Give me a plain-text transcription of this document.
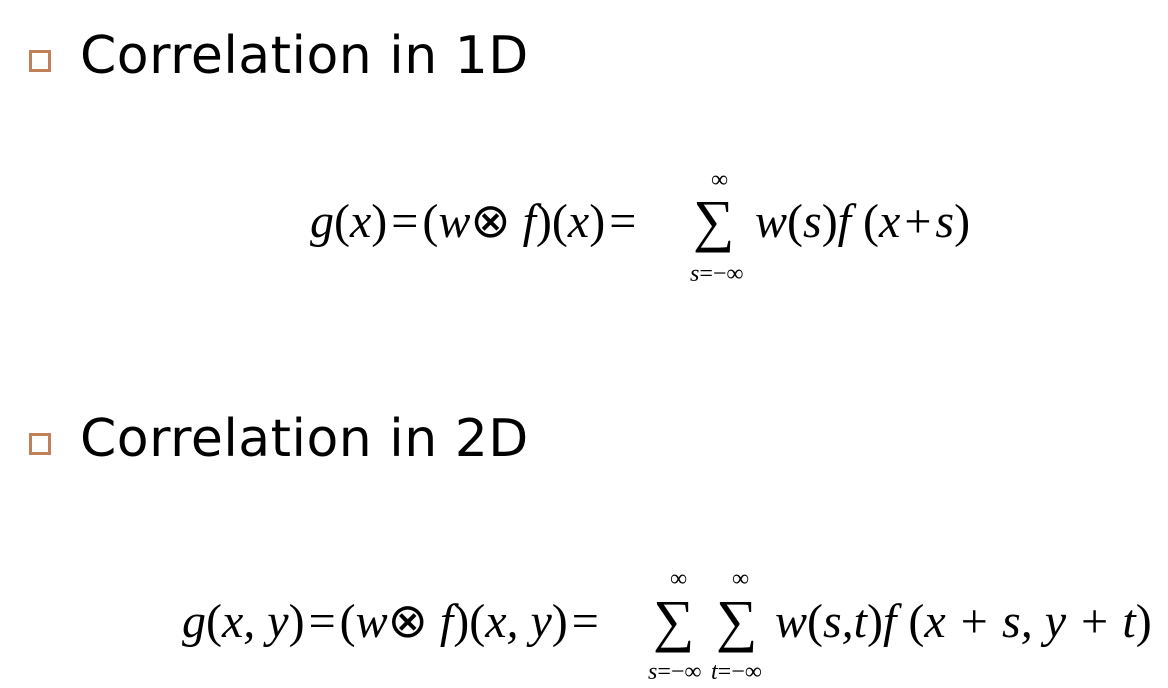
Correlation in 1D
g(x)=(w⊗ f)(x)=
∞
∑
s=−∞
w(s)f (x+s)
Correlation in 2D
g(x, y)=(w⊗ f)(x, y)=
∞
∑
s=−∞
∞
∑
t=−∞
w(s,t)f (x + s, y + t)
